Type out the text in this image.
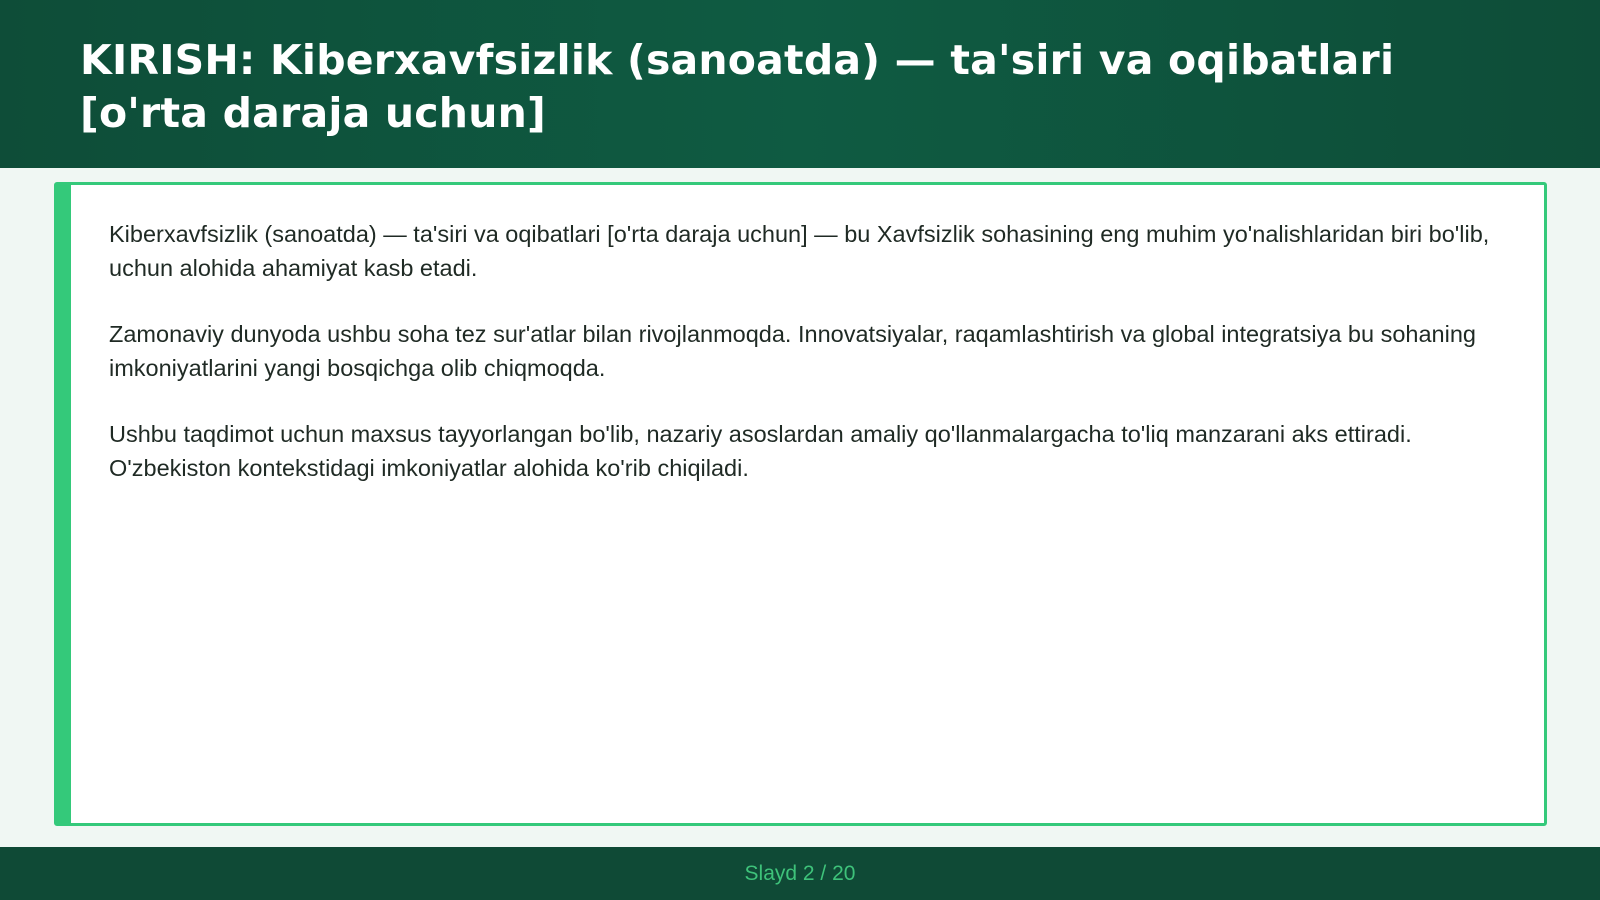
KIRISH: Kiberxavfsizlik (sanoatda) — ta'siri va oqibatlari [o'rta daraja uchun]

Kiberxavfsizlik (sanoatda) — ta'siri va oqibatlari [o'rta daraja uchun] — bu Xavfsizlik sohasining eng muhim yo'nalishlaridan biri bo'lib, uchun alohida ahamiyat kasb etadi.

Zamonaviy dunyoda ushbu soha tez sur'atlar bilan rivojlanmoqda. Innovatsiyalar, raqamlashtirish va global integratsiya bu sohaning imkoniyatlarini yangi bosqichga olib chiqmoqda.

Ushbu taqdimot uchun maxsus tayyorlangan bo'lib, nazariy asoslardan amaliy qo'llanmalargacha to'liq manzarani aks ettiradi. O'zbekiston kontekstidagi imkoniyatlar alohida ko'rib chiqiladi.

Slayd 2 / 20
